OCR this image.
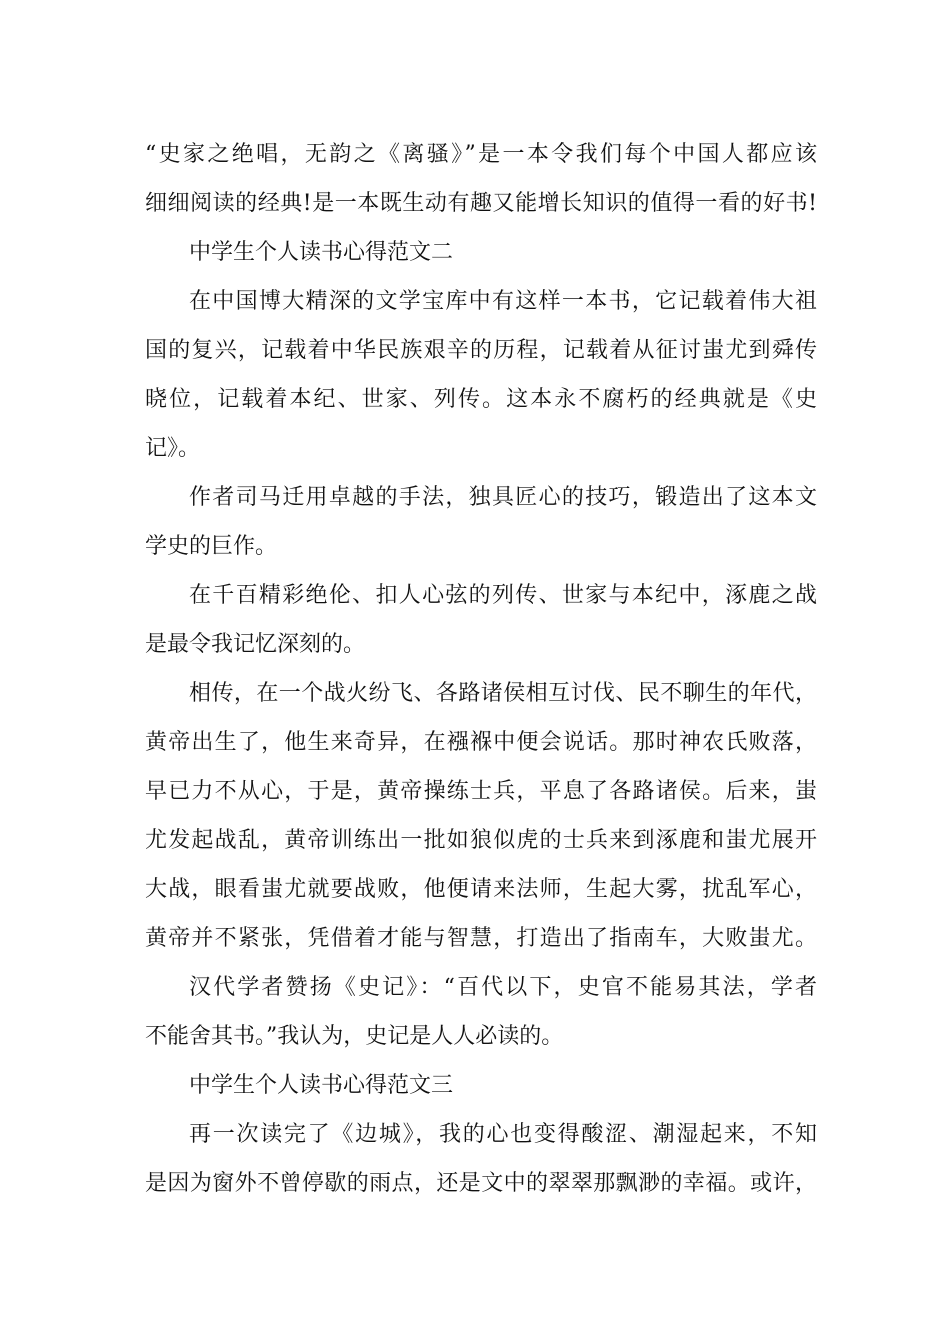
“史家之绝唱，无韵之《离骚》”是一本令我们每个中国人都应该
细细阅读的经典!是一本既生动有趣又能增长知识的值得一看的好书!
中学生个人读书心得范文二
在中国博大精深的文学宝库中有这样一本书，它记载着伟大祖
国的复兴，记载着中华民族艰辛的历程，记载着从征讨蚩尤到舜传
晓位，记载着本纪、世家、列传。这本永不腐朽的经典就是《史
记》。
作者司马迁用卓越的手法，独具匠心的技巧，锻造出了这本文
学史的巨作。
在千百精彩绝伦、扣人心弦的列传、世家与本纪中，涿鹿之战
是最令我记忆深刻的。
相传，在一个战火纷飞、各路诸侯相互讨伐、民不聊生的年代，
黄帝出生了，他生来奇异，在襁褓中便会说话。那时神农氏败落，
早已力不从心，于是，黄帝操练士兵，平息了各路诸侯。后来，蚩
尤发起战乱，黄帝训练出一批如狼似虎的士兵来到涿鹿和蚩尤展开
大战，眼看蚩尤就要战败，他便请来法师，生起大雾，扰乱军心，
黄帝并不紧张，凭借着才能与智慧，打造出了指南车，大败蚩尤。
汉代学者赞扬《史记》：“百代以下，史官不能易其法，学者
不能舍其书。”我认为，史记是人人必读的。
中学生个人读书心得范文三
再一次读完了《边城》，我的心也变得酸涩、潮湿起来，不知
是因为窗外不曾停歇的雨点，还是文中的翠翠那飘渺的幸福。或许，
